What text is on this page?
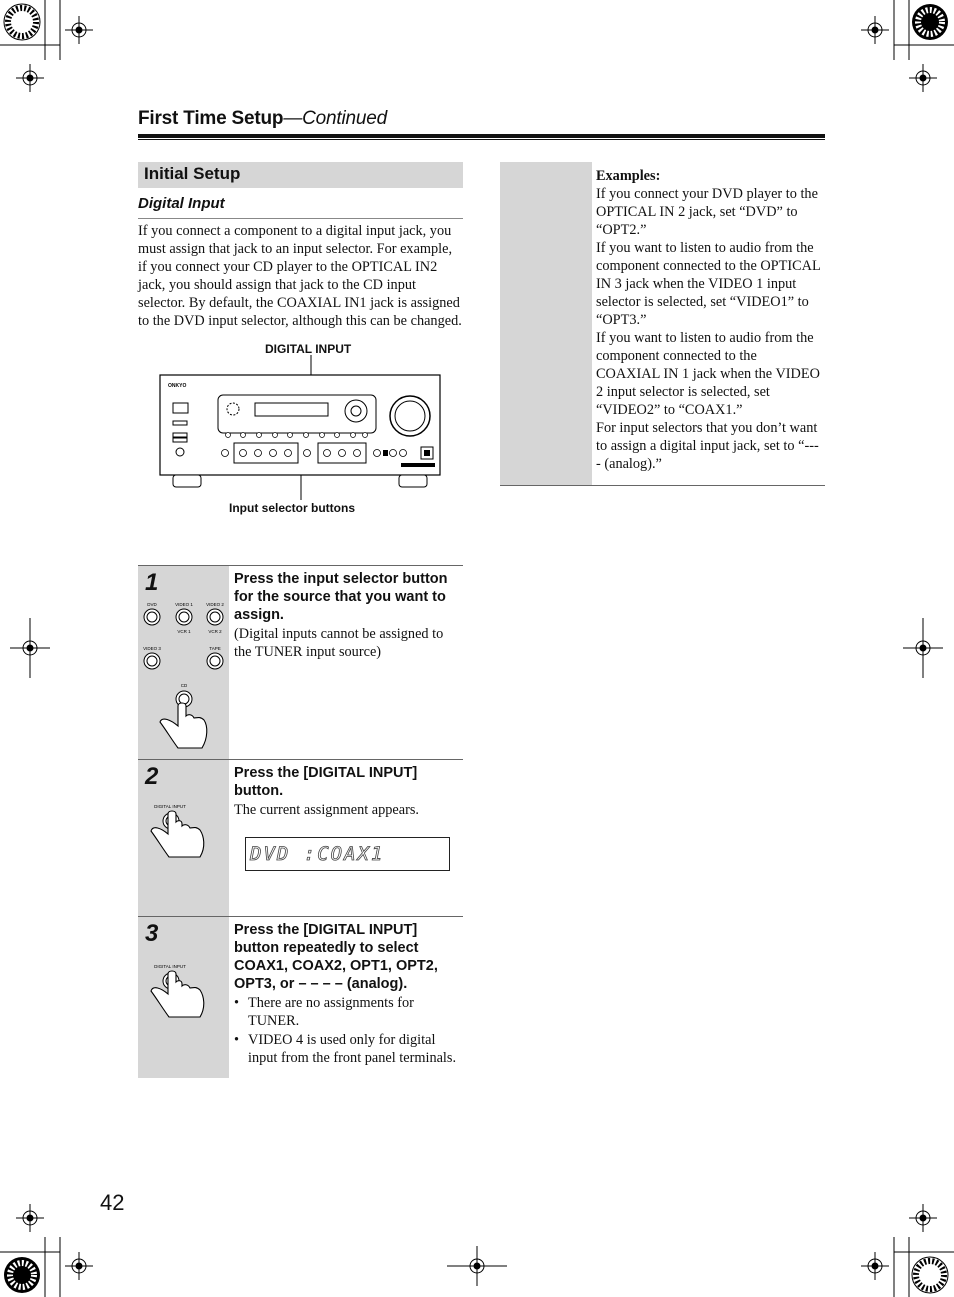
First Time Setup—Continued
Initial Setup
Digital Input
If you connect a component to a digital input jack, you must assign that jack to an input selector. For example, if you connect your CD player to the OPTICAL IN2 jack, you should assign that jack to the CD input selector. By default, the COAXIAL IN1 jack is assigned to the DVD input selector, although this can be changed.
DIGITAL INPUT
Input selector buttons
ONKYO
1	Press the input selector button for the source that you want to assign.
(Digital inputs cannot be assigned to the TUNER input source)
DVD	VIDEO 1	VIDEO 2
VCR 1	VCR 2
VIDEO 3	TAPE
CD
2	Press the [DIGITAL INPUT] button.
The current assignment appears.
DIGITAL INPUT
DVD :COAX1
3	Press the [DIGITAL INPUT] button repeatedly to select COAX1, COAX2, OPT1, OPT2, OPT3, or – – – – (analog).
• There are no assignments for TUNER.
• VIDEO 4 is used only for digital input from the front panel terminals.
DIGITAL INPUT

Examples:

If you connect your DVD player to the OPTICAL IN 2 jack, set “DVD” to “OPT2.”

If you want to listen to audio from the component connected to the OPTICAL IN 3 jack when the VIDEO 1 input selector is selected, set “VIDEO1” to “OPT3.”

If you want to listen to audio from the component connected to the COAXIAL IN 1 jack when the VIDEO 2 input selector is selected, set “VIDEO2” to “COAX1.”

For input selectors that you don’t want to assign a digital input jack, set to “---- (analog).”

42
